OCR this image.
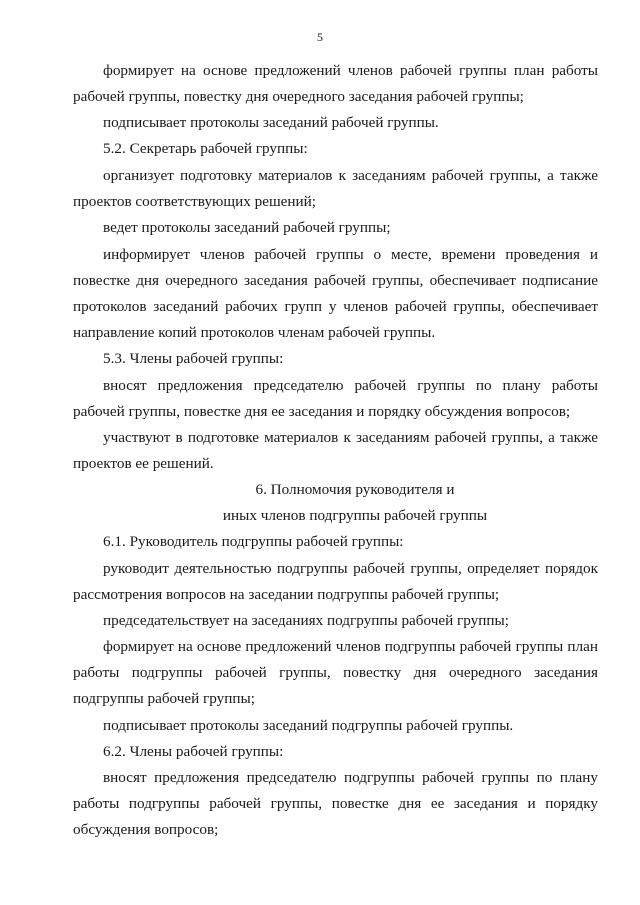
5
формирует на основе предложений членов рабочей группы план работы
рабочей группы, повестку дня очередного заседания рабочей группы;
подписывает протоколы заседаний рабочей группы.
5.2. Секретарь рабочей группы:
организует подготовку материалов к заседаниям рабочей группы, а также
проектов соответствующих решений;
ведет протоколы заседаний рабочей группы;
информирует членов рабочей группы о месте, времени проведения и
повестке дня очередного заседания рабочей группы, обеспечивает подписание
протоколов заседаний рабочих групп у членов рабочей группы, обеспечивает
направление копий протоколов членам рабочей группы.
5.3. Члены рабочей группы:
вносят предложения председателю рабочей группы по плану работы
рабочей группы, повестке дня ее заседания и порядку обсуждения вопросов;
участвуют в подготовке материалов к заседаниям рабочей группы, а также
проектов ее решений.
6. Полномочия руководителя и
иных членов подгруппы рабочей группы
6.1. Руководитель подгруппы рабочей группы:
руководит деятельностью подгруппы рабочей группы, определяет порядок
рассмотрения вопросов на заседании подгруппы рабочей группы;
председательствует на заседаниях подгруппы рабочей группы;
формирует на основе предложений членов подгруппы рабочей группы план
работы подгруппы рабочей группы, повестку дня очередного заседания
подгруппы рабочей группы;
подписывает протоколы заседаний подгруппы рабочей группы.
6.2. Члены рабочей группы:
вносят предложения председателю подгруппы рабочей группы по плану
работы подгруппы рабочей группы, повестке дня ее заседания и порядку
обсуждения вопросов;
